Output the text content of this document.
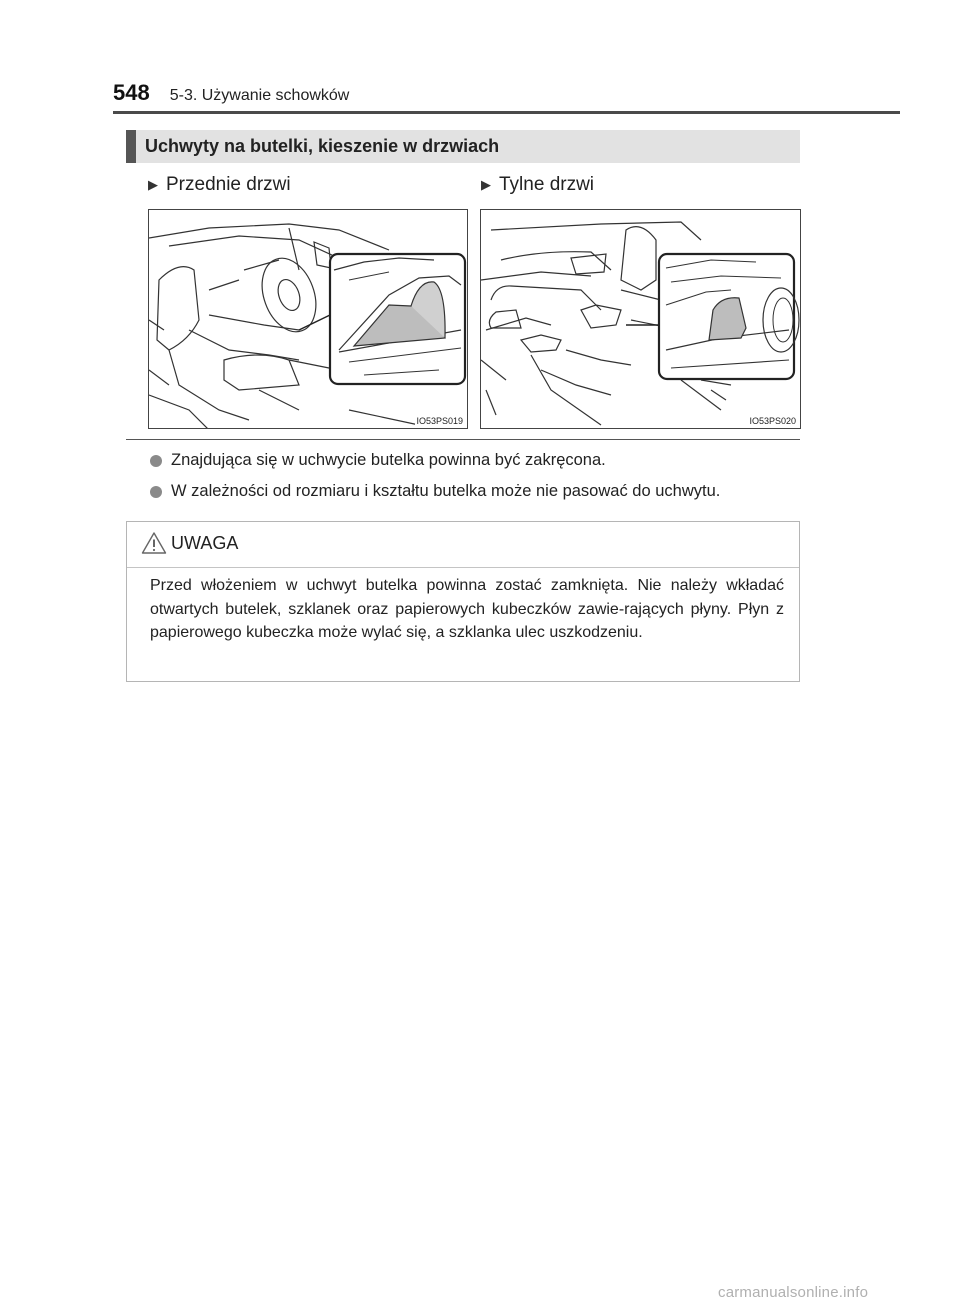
548 5-3. Używanie schowków
Uchwyty na butelki, kieszenie w drzwiach
▶ Przednie drzwi	▶ Tylne drzwi
IO53PS019	IO53PS020
Znajdująca się w uchwycie butelka powinna być zakręcona.
W zależności od rozmiaru i kształtu butelka może nie pasować do uchwytu.
UWAGA

Przed włożeniem w uchwyt butelka powinna zostać zamknięta. Nie należy wkładać otwartych butelek, szklanek oraz papierowych kubeczków zawie-rających płyny. Płyn z papierowego kubeczka może wylać się, a szklanka ulec uszkodzeniu.

carmanualsonline.info
